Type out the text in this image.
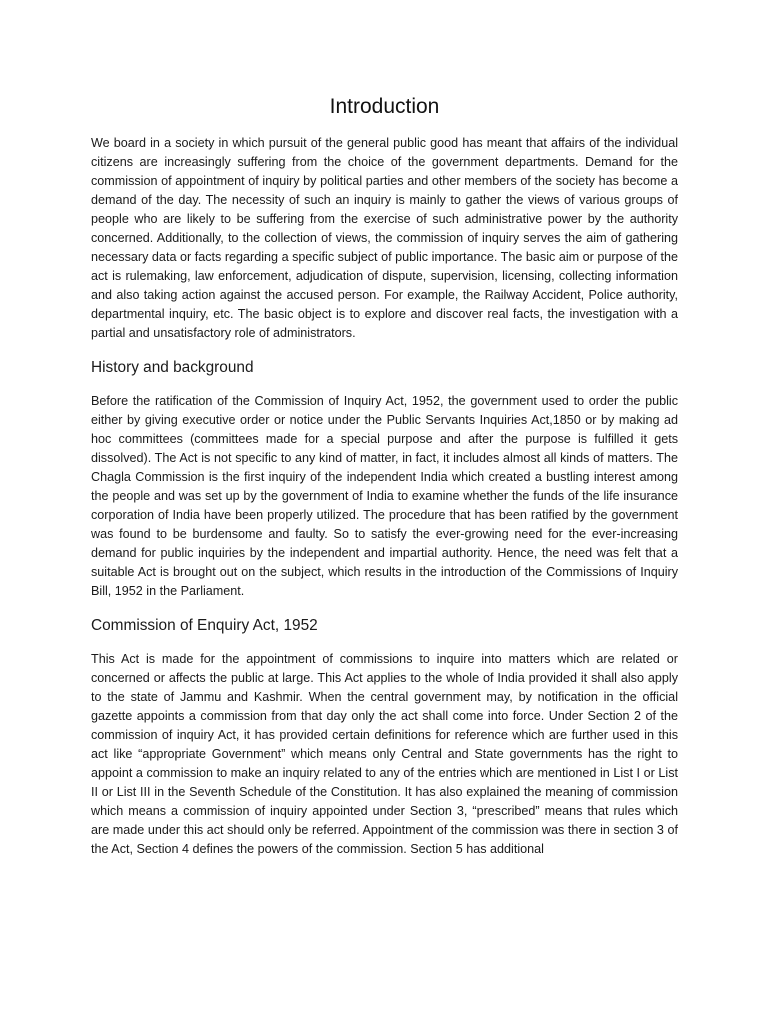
Introduction

We board in a society in which pursuit of the general public good has meant that affairs of the individual citizens are increasingly suffering from the choice of the government departments. Demand for the commission of appointment of inquiry by political parties and other members of the society has become a demand of the day. The necessity of such an inquiry is mainly to gather the views of various groups of people who are likely to be suffering from the exercise of such administrative power by the authority concerned. Additionally, to the collection of views, the commission of inquiry serves the aim of gathering necessary data or facts regarding a specific subject of public importance. The basic aim or purpose of the act is rulemaking, law enforcement, adjudication of dispute, supervision, licensing, collecting information and also taking action against the accused person. For example, the Railway Accident, Police authority, departmental inquiry, etc. The basic object is to explore and discover real facts, the investigation with a partial and unsatisfactory role of administrators.

History and background

Before the ratification of the Commission of Inquiry Act, 1952, the government used to order the public either by giving executive order or notice under the Public Servants Inquiries Act,1850 or by making ad hoc committees (committees made for a special purpose and after the purpose is fulfilled it gets dissolved). The Act is not specific to any kind of matter, in fact, it includes almost all kinds of matters. The Chagla Commission is the first inquiry of the independent India which created a bustling interest among the people and was set up by the government of India to examine whether the funds of the life insurance corporation of India have been properly utilized. The procedure that has been ratified by the government was found to be burdensome and faulty. So to satisfy the ever-growing need for the ever-increasing demand for public inquiries by the independent and impartial authority. Hence, the need was felt that a suitable Act is brought out on the subject, which results in the introduction of the Commissions of Inquiry Bill, 1952 in the Parliament.

Commission of Enquiry Act, 1952

This Act is made for the appointment of commissions to inquire into matters which are related or concerned or affects the public at large. This Act applies to the whole of India provided it shall also apply to the state of Jammu and Kashmir. When the central government may, by notification in the official gazette appoints a commission from that day only the act shall come into force. Under Section 2 of the commission of inquiry Act, it has provided certain definitions for reference which are further used in this act like “appropriate Government” which means only Central and State governments has the right to appoint a commission to make an inquiry related to any of the entries which are mentioned in List I or List II or List III in the Seventh Schedule of the Constitution. It has also explained the meaning of commission which means a commission of inquiry appointed under Section 3, “prescribed” means that rules which are made under this act should only be referred. Appointment of the commission was there in section 3 of the Act, Section 4 defines the powers of the commission. Section 5 has additional
